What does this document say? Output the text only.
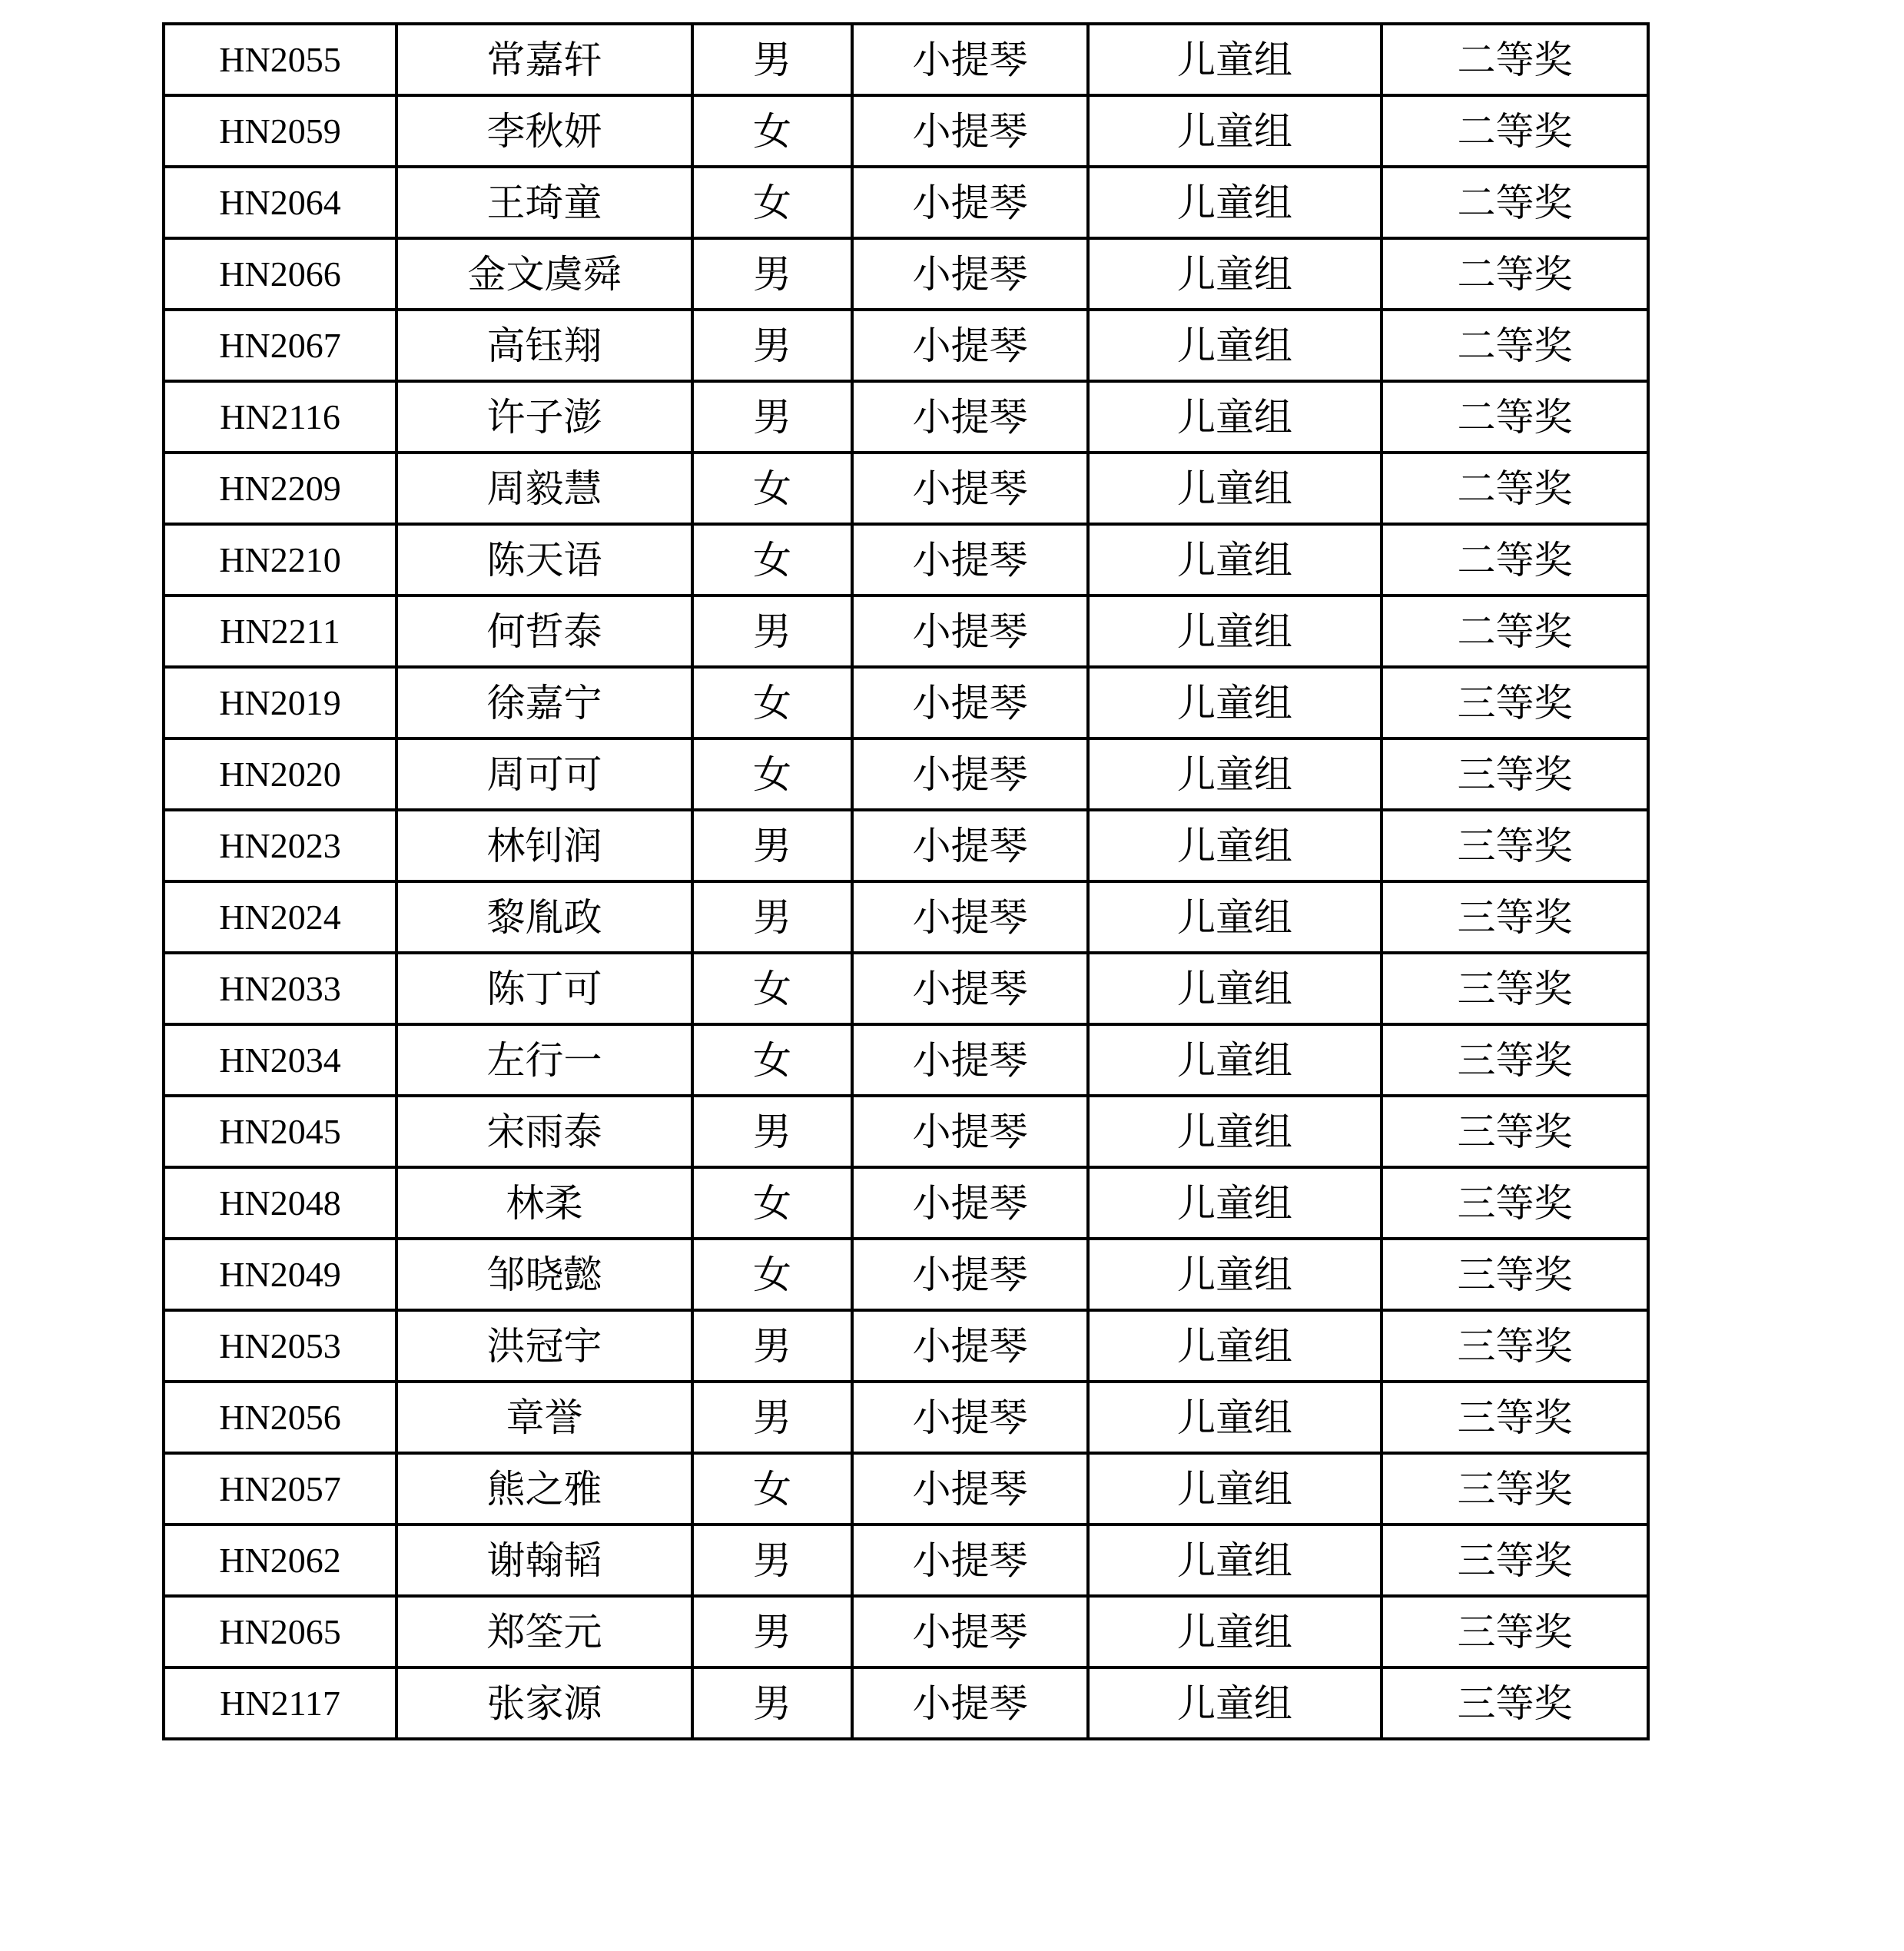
HN2055	常嘉轩	男	小提琴	儿童组	二等奖
HN2059	李秋妍	女	小提琴	儿童组	二等奖
HN2064	王琦童	女	小提琴	儿童组	二等奖
HN2066	金文虞舜	男	小提琴	儿童组	二等奖
HN2067	高钰翔	男	小提琴	儿童组	二等奖
HN2116	许子澎	男	小提琴	儿童组	二等奖
HN2209	周毅慧	女	小提琴	儿童组	二等奖
HN2210	陈天语	女	小提琴	儿童组	二等奖
HN2211	何哲泰	男	小提琴	儿童组	二等奖
HN2019	徐嘉宁	女	小提琴	儿童组	三等奖
HN2020	周可可	女	小提琴	儿童组	三等奖
HN2023	林钊润	男	小提琴	儿童组	三等奖
HN2024	黎胤政	男	小提琴	儿童组	三等奖
HN2033	陈丁可	女	小提琴	儿童组	三等奖
HN2034	左行一	女	小提琴	儿童组	三等奖
HN2045	宋雨泰	男	小提琴	儿童组	三等奖
HN2048	林柔	女	小提琴	儿童组	三等奖
HN2049	邹晓懿	女	小提琴	儿童组	三等奖
HN2053	洪冠宇	男	小提琴	儿童组	三等奖
HN2056	章誉	男	小提琴	儿童组	三等奖
HN2057	熊之雅	女	小提琴	儿童组	三等奖
HN2062	谢翰韬	男	小提琴	儿童组	三等奖
HN2065	郑筌元	男	小提琴	儿童组	三等奖
HN2117	张家源	男	小提琴	儿童组	三等奖
